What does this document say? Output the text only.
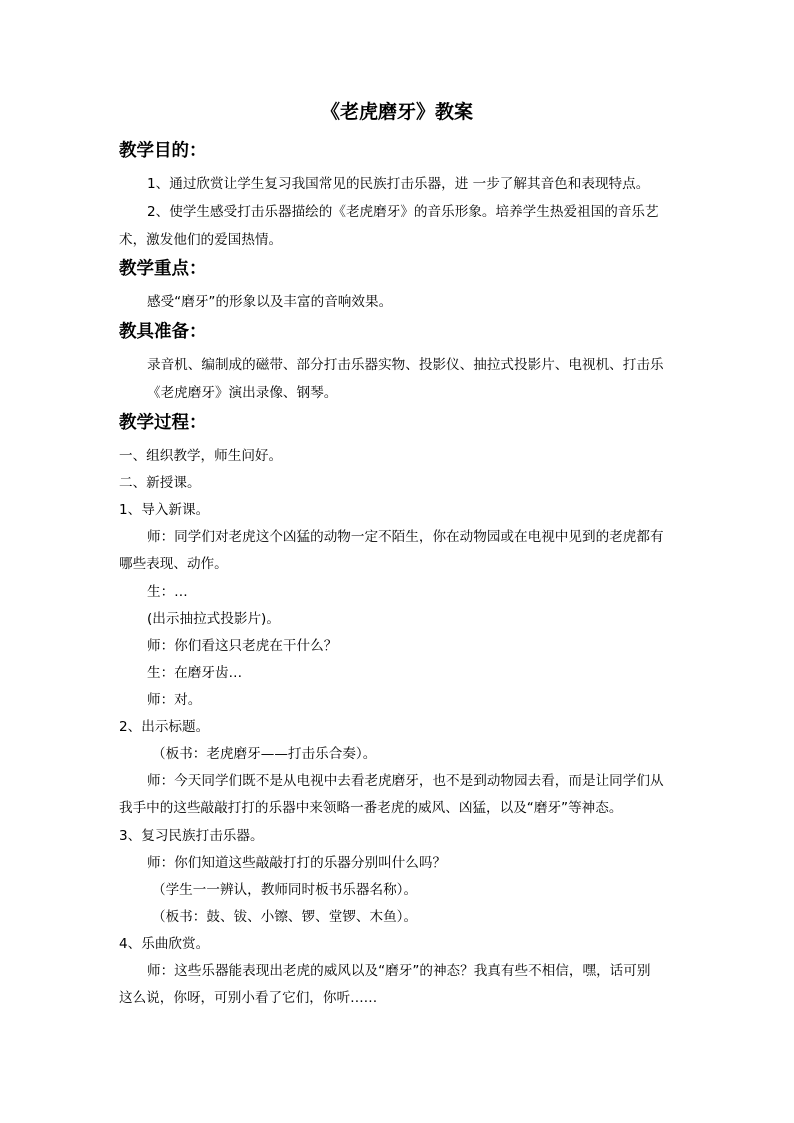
《老虎磨牙》教案
教学目的：
1、通过欣赏让学生复习我国常见的民族打击乐器，进 一步了解其音色和表现特点。
2、使学生感受打击乐器描绘的《老虎磨牙》的音乐形象。培养学生热爱祖国的音乐艺
术，激发他们的爱国热情。
教学重点：
感受“磨牙”的形象以及丰富的音响效果。
教具准备：
录音机、编制成的磁带、部分打击乐器实物、投影仪、抽拉式投影片、电视机、打击乐
《老虎磨牙》演出录像、钢琴。
教学过程：
一、组织教学，师生问好。
二、新授课。
1、导入新课。
师：同学们对老虎这个凶猛的动物一定不陌生，你在动物园或在电视中见到的老虎都有
哪些表现、动作。
生：…
(出示抽拉式投影片)。
师：你们看这只老虎在干什么？
生：在磨牙齿…
师：对。
2、出示标题。
（板书：老虎磨牙——打击乐合奏）。
师：今天同学们既不是从电视中去看老虎磨牙，也不是到动物园去看，而是让同学们从
我手中的这些敲敲打打的乐器中来领略一番老虎的威风、凶猛，以及“磨牙”等神态。
3、复习民族打击乐器。
师：你们知道这些敲敲打打的乐器分别叫什么吗？
（学生一一辨认，教师同时板书乐器名称）。
（板书：鼓、钹、小镲、锣、堂锣、木鱼）。
4、乐曲欣赏。
师：这些乐器能表现出老虎的威风以及“磨牙”的神态？我真有些不相信，嘿，话可别
这么说，你呀，可别小看了它们，你听……
